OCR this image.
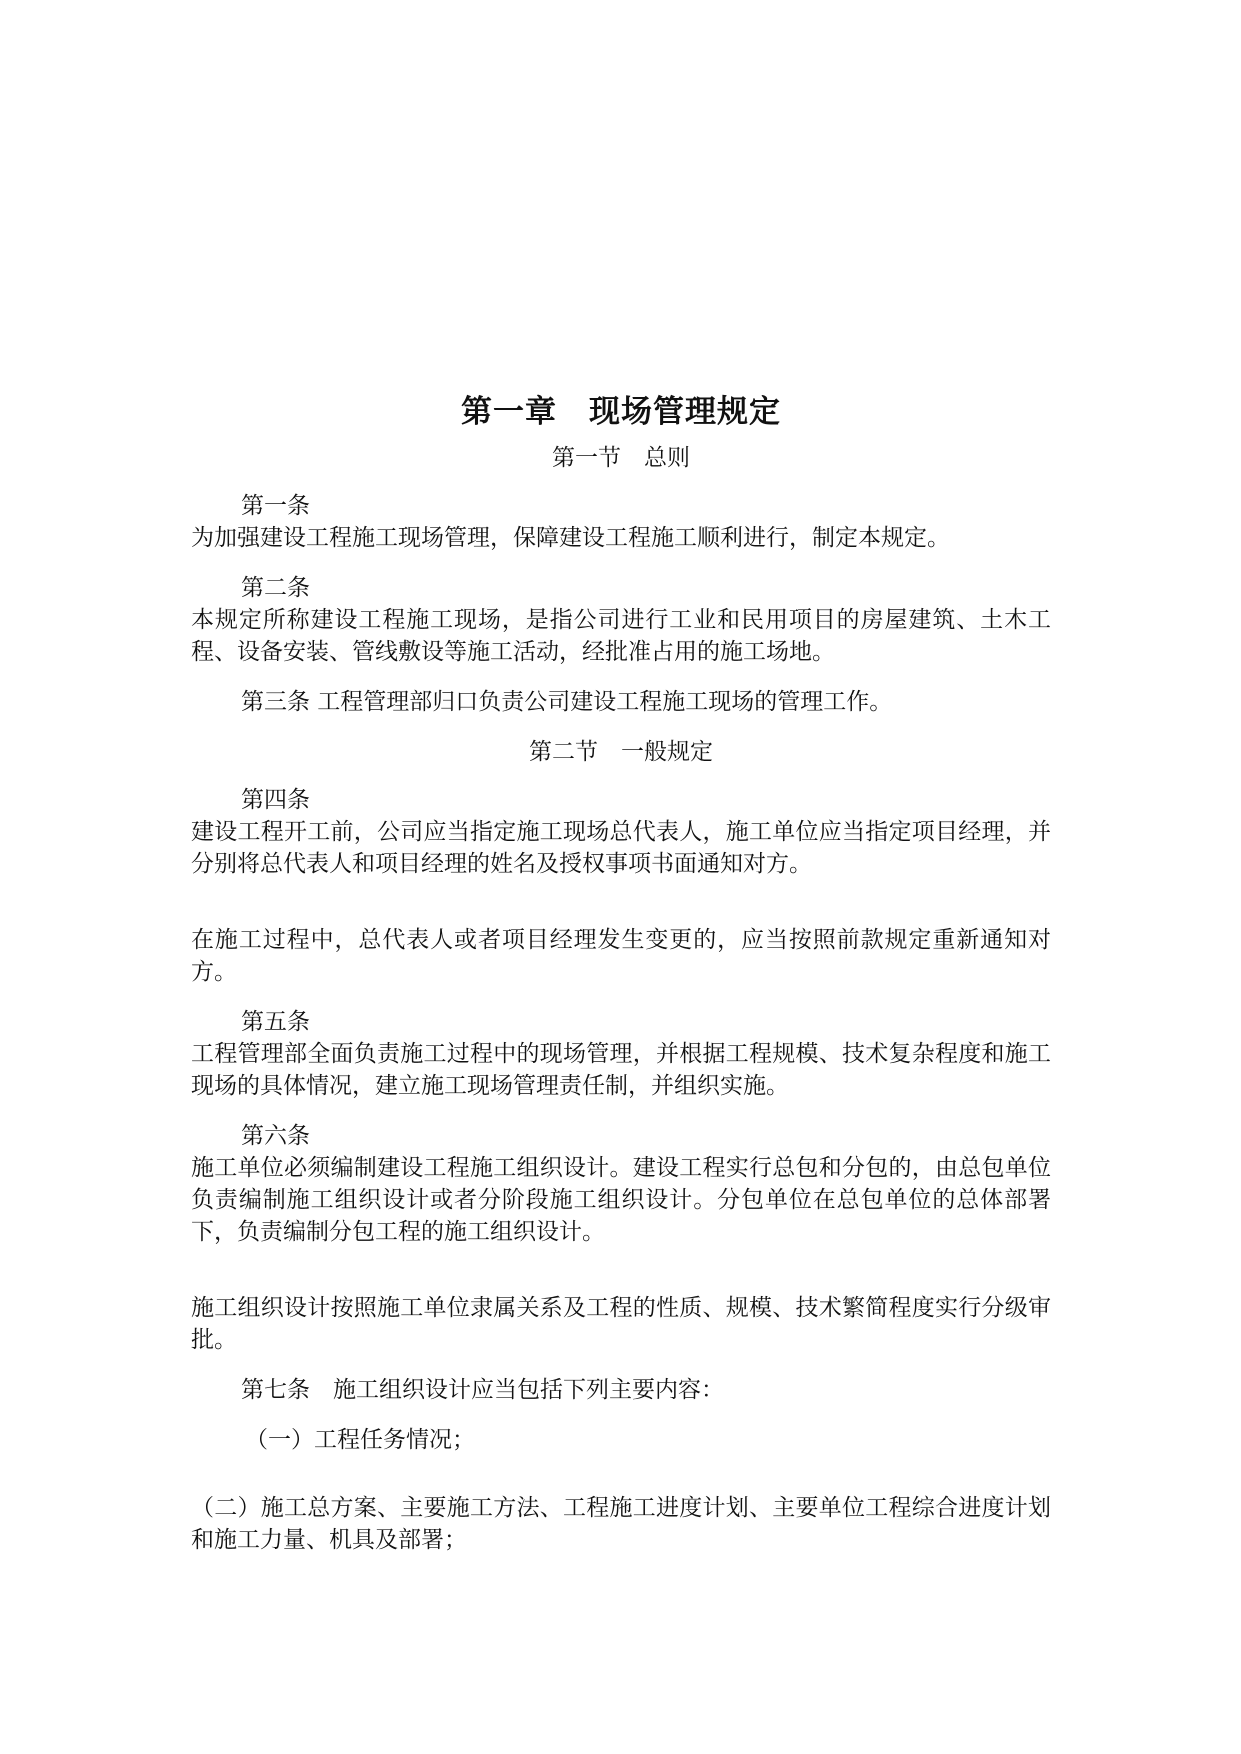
第一章　现场管理规定
第一节　总则
第一条

为加强建设工程施工现场管理，保障建设工程施工顺利进行，制定本规定。

第二条

本规定所称建设工程施工现场，是指公司进行工业和民用项目的房屋建筑、土木工程、设备安装、管线敷设等施工活动，经批准占用的施工场地。

第三条 工程管理部归口负责公司建设工程施工现场的管理工作。

第二节　一般规定
第四条

建设工程开工前，公司应当指定施工现场总代表人，施工单位应当指定项目经理，并分别将总代表人和项目经理的姓名及授权事项书面通知对方。

在施工过程中，总代表人或者项目经理发生变更的，应当按照前款规定重新通知对方。

第五条

工程管理部全面负责施工过程中的现场管理，并根据工程规模、技术复杂程度和施工现场的具体情况，建立施工现场管理责任制，并组织实施。

第六条

施工单位必须编制建设工程施工组织设计。建设工程实行总包和分包的，由总包单位负责编制施工组织设计或者分阶段施工组织设计。分包单位在总包单位的总体部署下，负责编制分包工程的施工组织设计。

施工组织设计按照施工单位隶属关系及工程的性质、规模、技术繁简程度实行分级审批。

第七条　施工组织设计应当包括下列主要内容：

（一）工程任务情况；

（二）施工总方案、主要施工方法、工程施工进度计划、主要单位工程综合进度计划和施工力量、机具及部署；
